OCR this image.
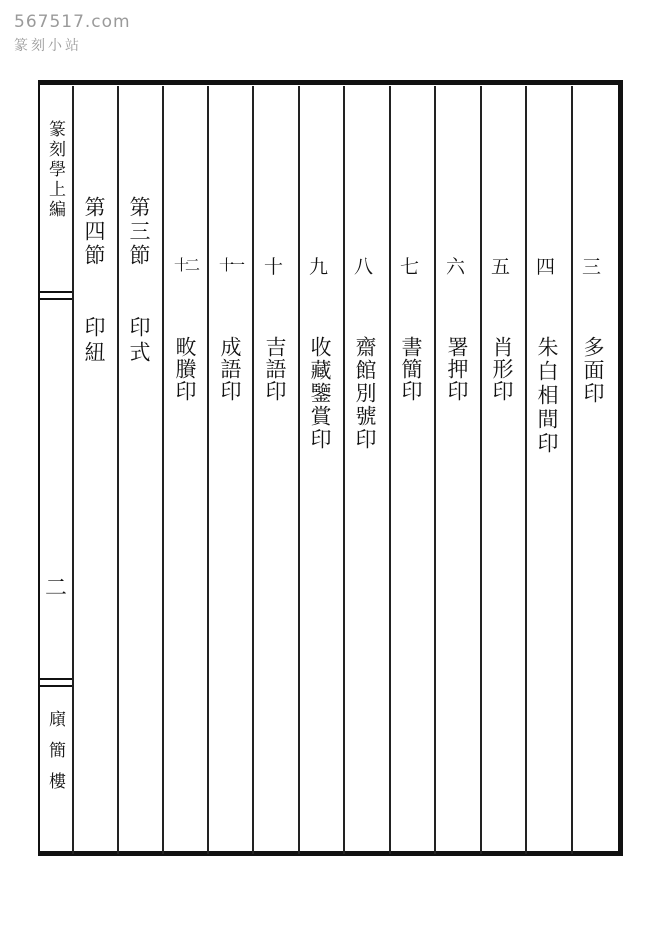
567517.com
篆刻小站
篆刻學上編
二
廎簡樓
三
多面印
四
朱白相間印
五
肖形印
六
署押印
七
書簡印
八
齋館別號印
九
收藏鑒賞印
十
吉語印
十一
成語印
十二
畋賸印
第三節
印式
第四節
印紐
